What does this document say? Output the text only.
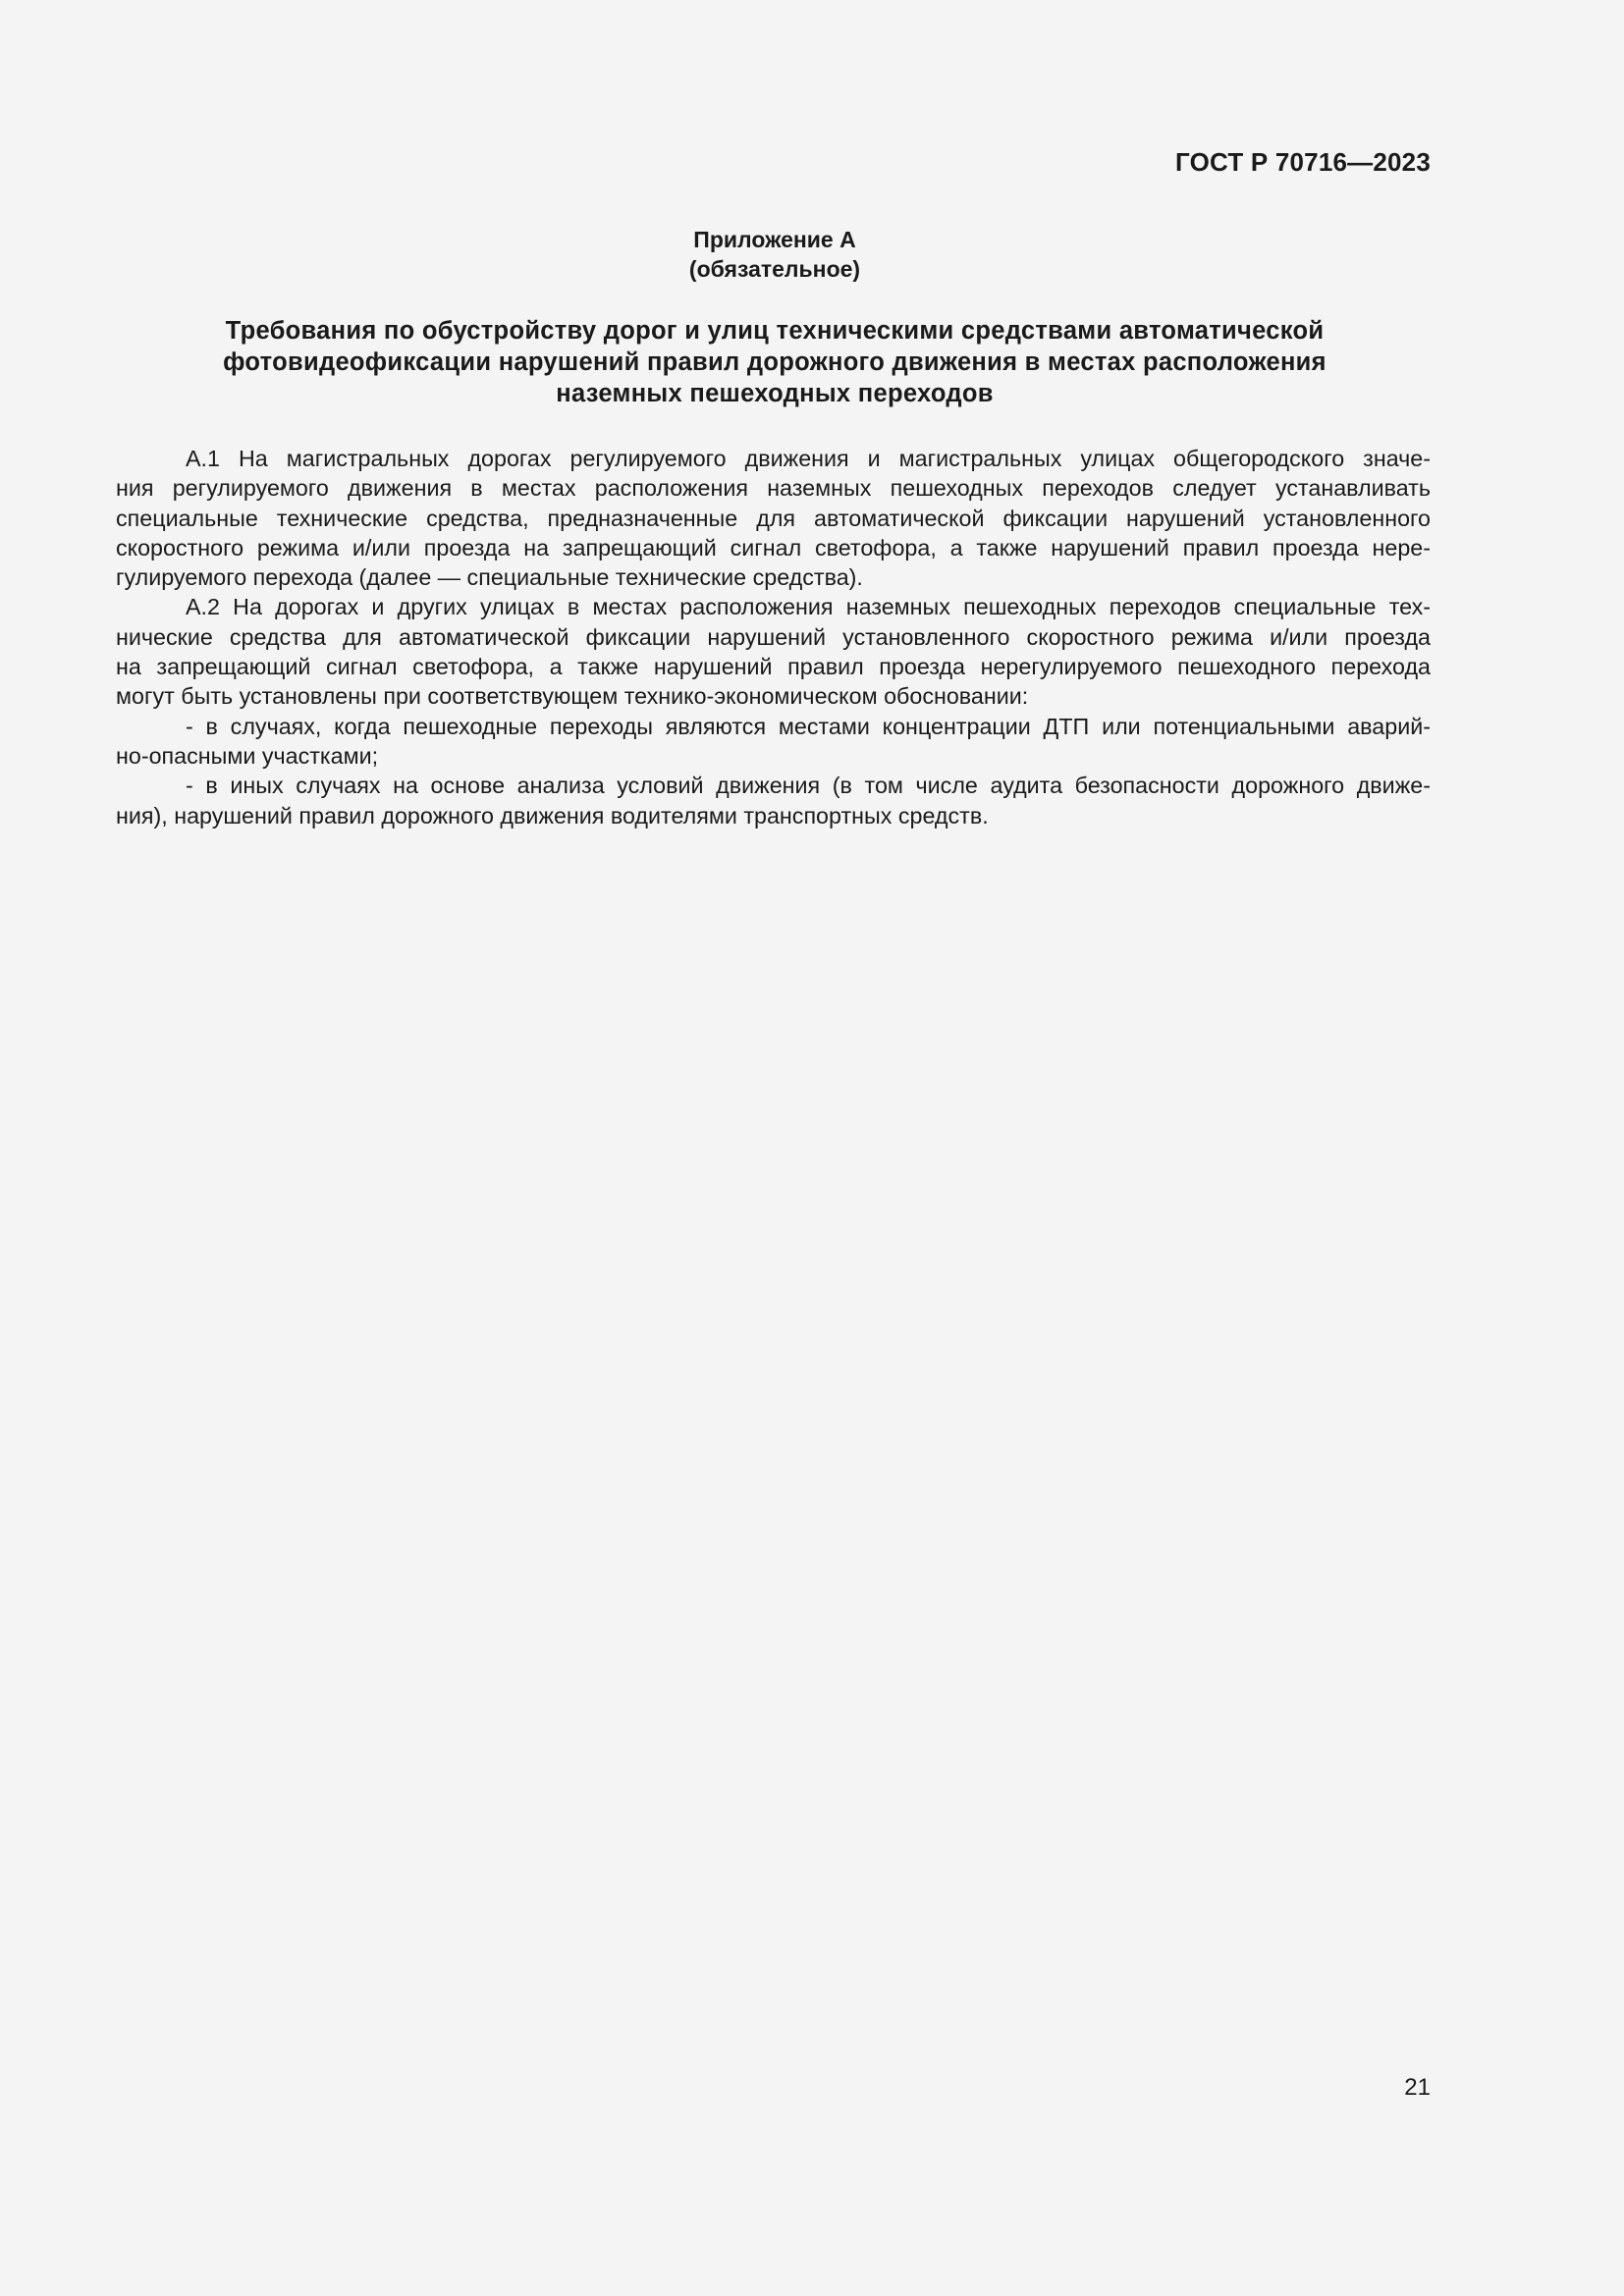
ГОСТ Р 70716—2023
Приложение А
(обязательное)
Требования по обустройству дорог и улиц техническими средствами автоматической
фотовидеофиксации нарушений правил дорожного движения в местах расположения
наземных пешеходных переходов
А.1 На магистральных дорогах регулируемого движения и магистральных улицах общегородского значе-
ния регулируемого движения в местах расположения наземных пешеходных переходов следует устанавливать
специальные технические средства, предназначенные для автоматической фиксации нарушений установленного
скоростного режима и/или проезда на запрещающий сигнал светофора, а также нарушений правил проезда нере-
гулируемого перехода (далее — специальные технические средства).
А.2 На дорогах и других улицах в местах расположения наземных пешеходных переходов специальные тех-
нические средства для автоматической фиксации нарушений установленного скоростного режима и/или проезда
на запрещающий сигнал светофора, а также нарушений правил проезда нерегулируемого пешеходного перехода
могут быть установлены при соответствующем технико-экономическом обосновании:
- в случаях, когда пешеходные переходы являются местами концентрации ДТП или потенциальными аварий-
но-опасными участками;
- в иных случаях на основе анализа условий движения (в том числе аудита безопасности дорожного движе-
ния), нарушений правил дорожного движения водителями транспортных средств.
21
